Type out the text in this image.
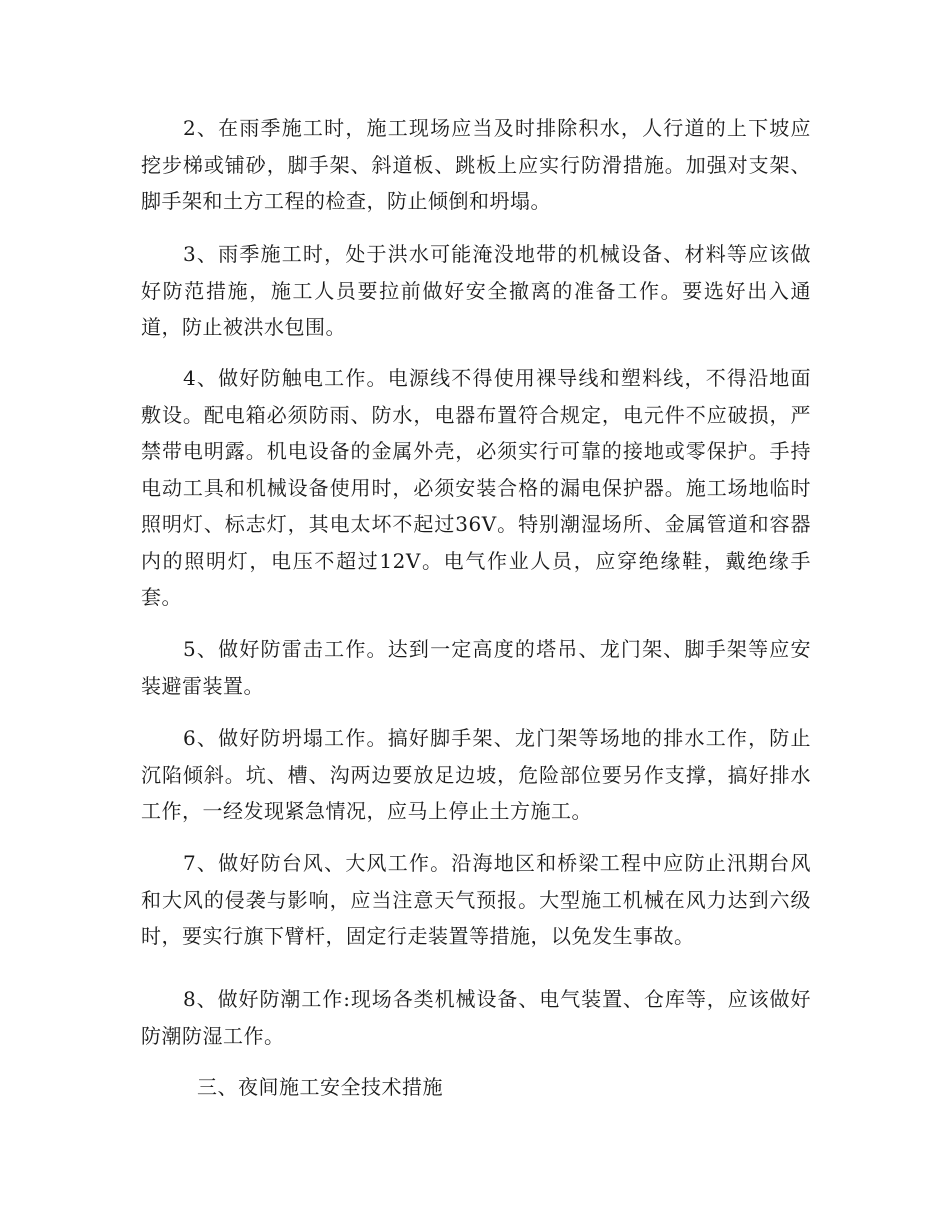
2、在雨季施工时，施工现场应当及时排除积水，人行道的上下坡应挖步梯或铺砂，脚手架、斜道板、跳板上应实行防滑措施。加强对支架、脚手架和土方工程的检查，防止倾倒和坍塌。

3、雨季施工时，处于洪水可能淹没地带的机械设备、材料等应该做好防范措施，施工人员要拉前做好安全撤离的准备工作。要选好出入通道，防止被洪水包围。

4、做好防触电工作。电源线不得使用裸导线和塑料线，不得沿地面敷设。配电箱必须防雨、防水，电器布置符合规定，电元件不应破损，严禁带电明露。机电设备的金属外壳，必须实行可靠的接地或零保护。手持电动工具和机械设备使用时，必须安装合格的漏电保护器。施工场地临时照明灯、标志灯，其电太坏不起过36V。特别潮湿场所、金属管道和容器内的照明灯，电压不超过12V。电气作业人员，应穿绝缘鞋，戴绝缘手套。

5、做好防雷击工作。达到一定高度的塔吊、龙门架、脚手架等应安装避雷装置。

6、做好防坍塌工作。搞好脚手架、龙门架等场地的排水工作，防止沉陷倾斜。坑、槽、沟两边要放足边坡，危险部位要另作支撑，搞好排水工作，一经发现紧急情况，应马上停止土方施工。

7、做好防台风、大风工作。沿海地区和桥梁工程中应防止汛期台风和大风的侵袭与影响，应当注意天气预报。大型施工机械在风力达到六级时，要实行旗下臂杆，固定行走装置等措施，以免发生事故。

8、做好防潮工作:现场各类机械设备、电气装置、仓库等，应该做好防潮防湿工作。

三、夜间施工安全技术措施
